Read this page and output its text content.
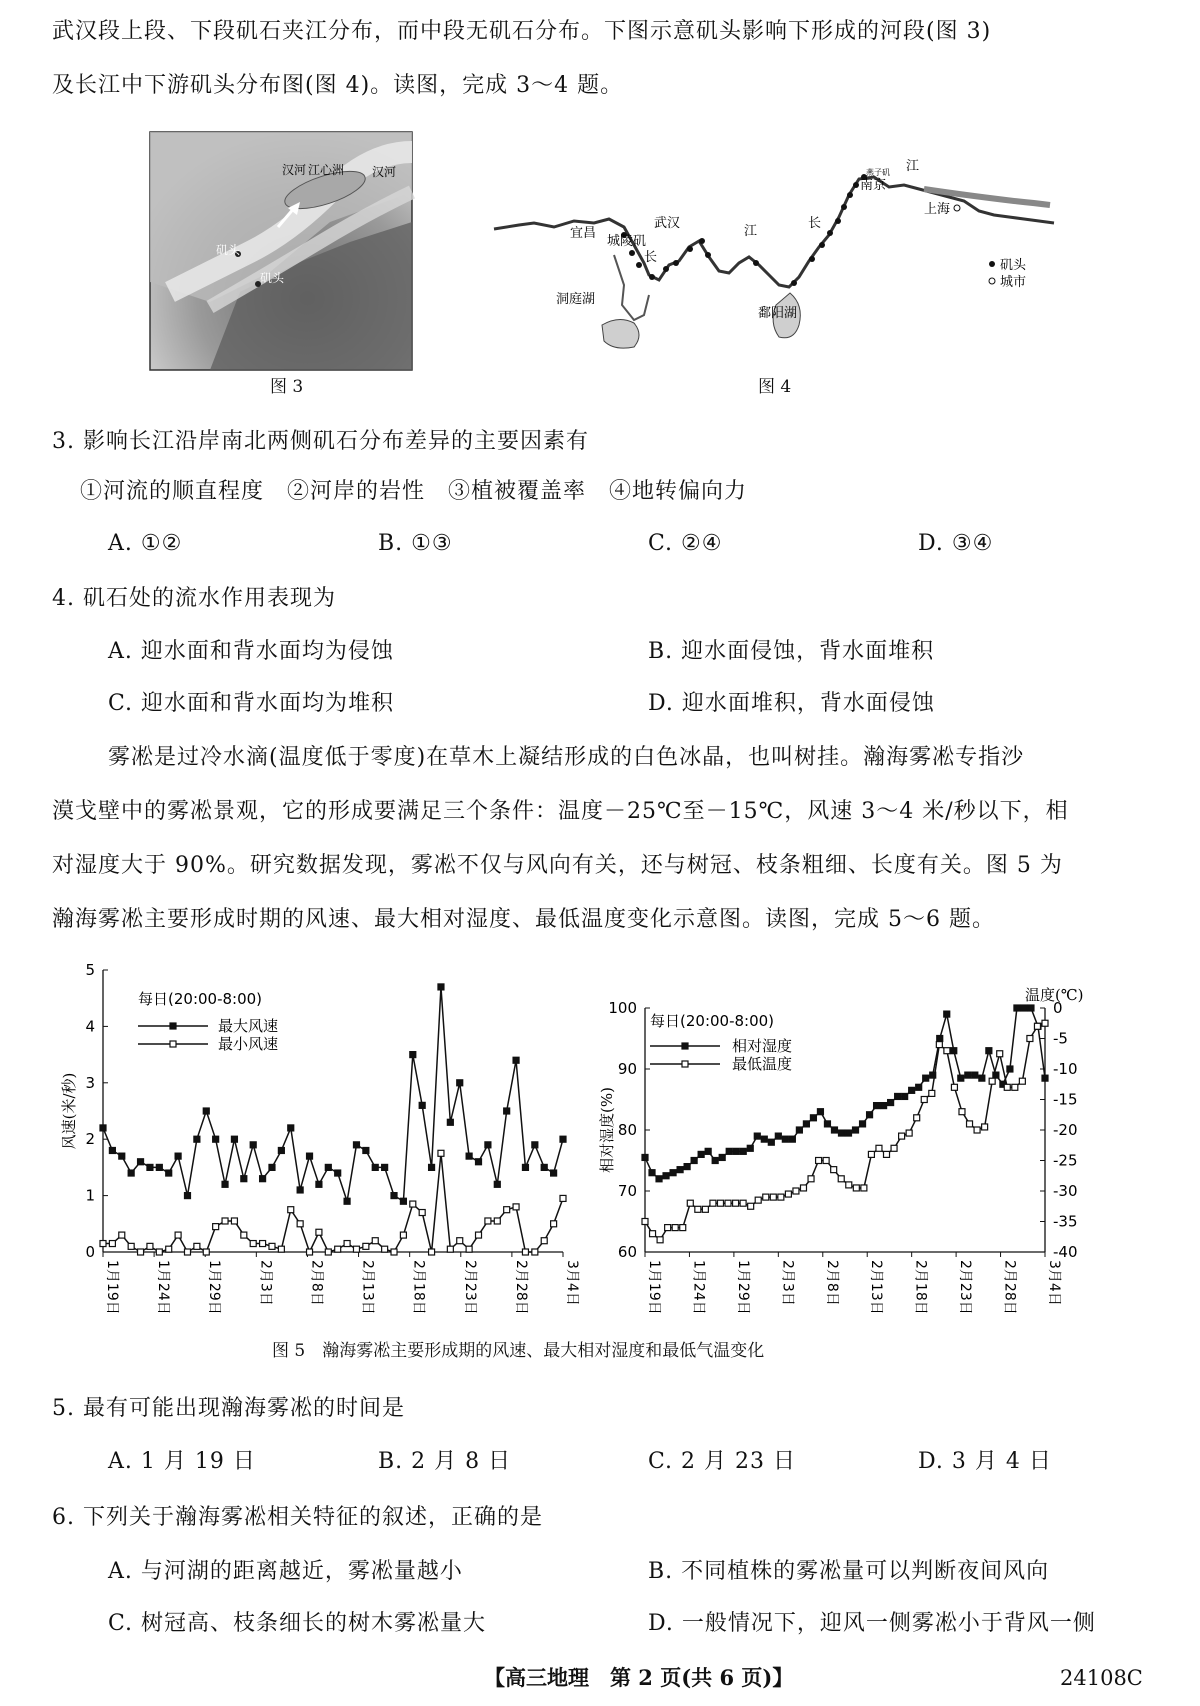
武汉段上段、下段矶石夹江分布，而中段无矶石分布。下图示意矶头影响下形成的河段(图 3)
及长江中下游矶头分布图(图 4)。读图，完成 3～4 题。
汉河 江心洲 汉河
矶头
矶头
图 3
宜昌
城陵矶
武汉
长
江
洞庭湖
鄱阳湖
长
南京
燕子矶 江
上海
矶头
城市
图 4
3. 影响长江沿岸南北两侧矶石分布差异的主要因素有
①河流的顺直程度　②河岸的岩性　③植被覆盖率　④地转偏向力
A. ①②	B. ①③	C. ②④	D. ③④
4. 矶石处的流水作用表现为
A. 迎水面和背水面均为侵蚀	B. 迎水面侵蚀，背水面堆积
C. 迎水面和背水面均为堆积	D. 迎水面堆积，背水面侵蚀
雾凇是过冷水滴(温度低于零度)在草木上凝结形成的白色冰晶，也叫树挂。瀚海雾凇专指沙
漠戈壁中的雾凇景观，它的形成要满足三个条件：温度－25℃至－15℃，风速 3～4 米/秒以下，相
对湿度大于 90%。研究数据发现，雾凇不仅与风向有关，还与树冠、枝条粗细、长度有关。图 5 为
瀚海雾凇主要形成时期的风速、最大相对湿度、最低温度变化示意图。读图，完成 5～6 题。
0
1
2
3
4
5
风速(米/秒)
1月19日	1月24日	1月29日	2月3日	2月8日	2月13日	2月18日	2月23日	2月28日	3月4日
每日(20:00-8:00)
最大风速
最小风速
60
70
80
90
100	0
-5
-10
-15
-20
-25
-30
-35
-40
相对湿度(%)
温度(℃)
1月19日 1月24日 1月29日 2月3日 2月8日 2月13日 2月18日 2月23日 2月28日 3月4日
每日(20:00-8:00)
相对湿度
最低温度
图 5　瀚海雾凇主要形成期的风速、最大相对湿度和最低气温变化
5. 最有可能出现瀚海雾凇的时间是
A. 1 月 19 日	B. 2 月 8 日	C. 2 月 23 日	D. 3 月 4 日
6. 下列关于瀚海雾凇相关特征的叙述，正确的是
A. 与河湖的距离越近，雾凇量越小	B. 不同植株的雾凇量可以判断夜间风向
C. 树冠高、枝条细长的树木雾凇量大	D. 一般情况下，迎风一侧雾凇小于背风一侧
【高三地理　第 2 页(共 6 页)】	24108C
